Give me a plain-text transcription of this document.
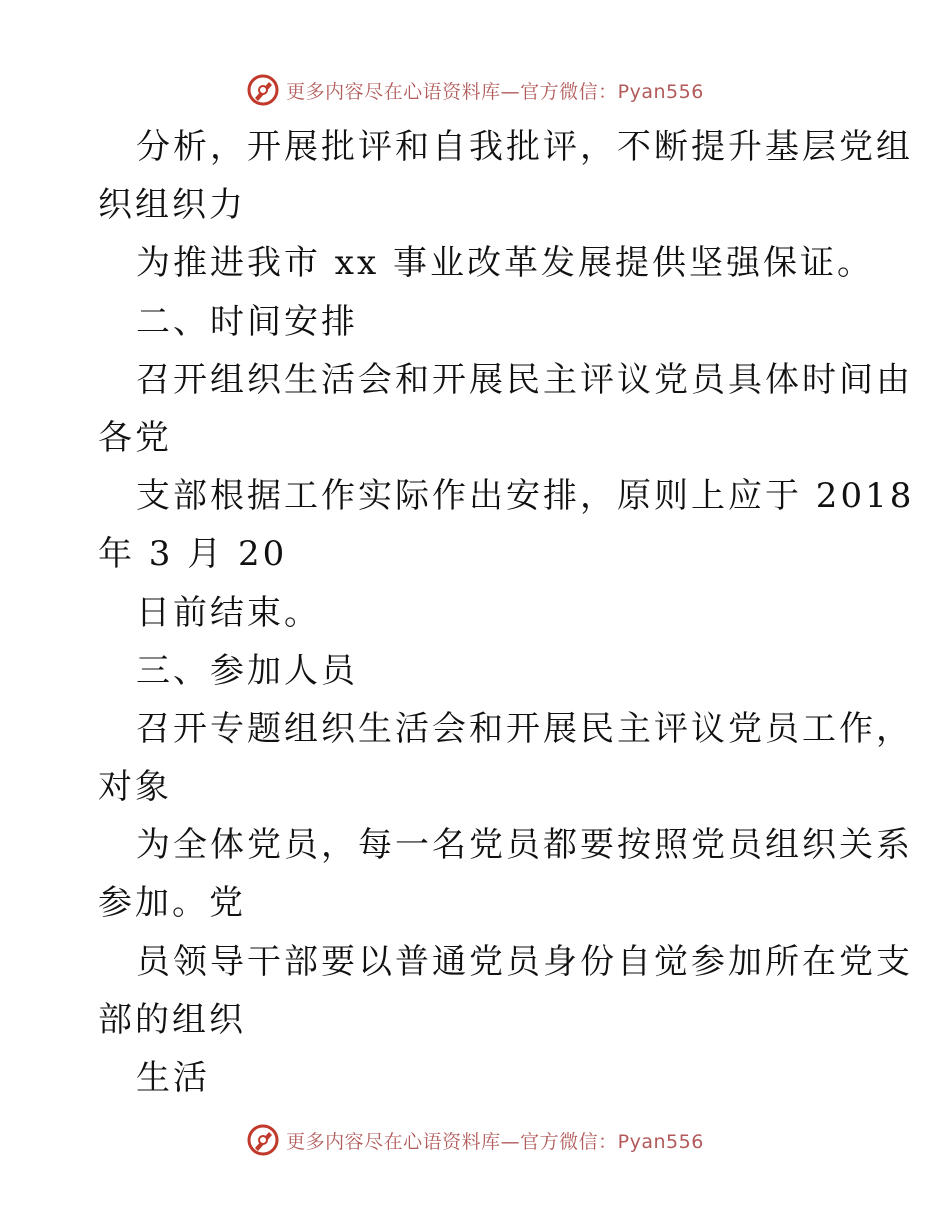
更多内容尽在心语资料库—官方微信：Pyan556
分析，开展批评和自我批评，不断提升基层党组
织组织力
为推进我市 xx 事业改革发展提供坚强保证。
二、时间安排
召开组织生活会和开展民主评议党员具体时间由
各党
支部根据工作实际作出安排，原则上应于 2018
年 3 月 20
日前结束。
三、参加人员
召开专题组织生活会和开展民主评议党员工作，
对象
为全体党员，每一名党员都要按照党员组织关系
参加。党
员领导干部要以普通党员身份自觉参加所在党支
部的组织
生活
更多内容尽在心语资料库—官方微信：Pyan556
